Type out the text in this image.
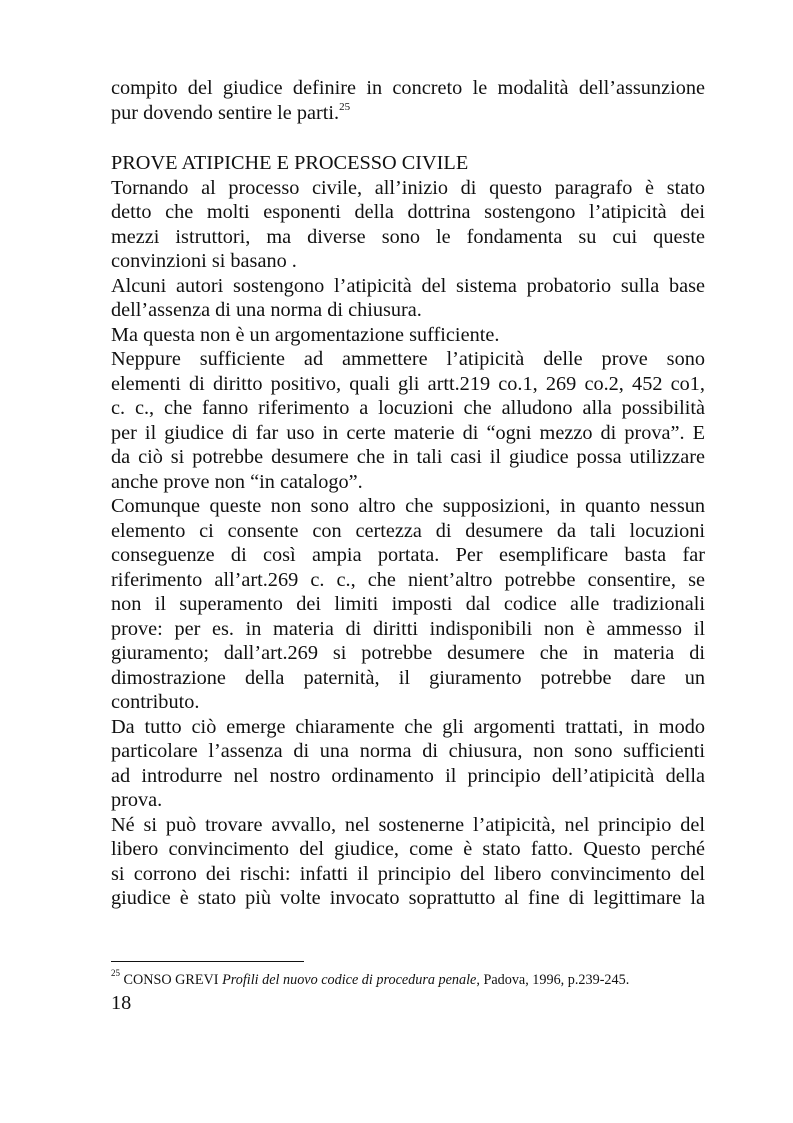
compito del giudice definire in concreto le modalità dell’assunzione
pur dovendo sentire le parti.$^{25}$
PROVE ATIPICHE E PROCESSO CIVILE
Tornando al processo civile, all’inizio di questo paragrafo è stato
detto che molti esponenti della dottrina sostengono l’atipicità dei
mezzi istruttori, ma diverse sono le fondamenta su cui queste
convinzioni si basano .
Alcuni autori sostengono l’atipicità del sistema probatorio sulla base
dell’assenza di una norma di chiusura.
Ma questa non è un argomentazione sufficiente.
Neppure sufficiente ad ammettere l’atipicità delle prove sono
elementi di diritto positivo, quali gli artt.219 co.1, 269 co.2, 452 co1,
c. c., che fanno riferimento a locuzioni che alludono alla possibilità
per il giudice di far uso in certe materie di “ogni mezzo di prova”. E
da ciò si potrebbe desumere che in tali casi il giudice possa utilizzare
anche prove non “in catalogo”.
Comunque queste non sono altro che supposizioni, in quanto nessun
elemento ci consente con certezza di desumere da tali locuzioni
conseguenze di così ampia portata. Per esemplificare basta far
riferimento all’art.269 c. c., che nient’altro potrebbe consentire, se
non il superamento dei limiti imposti dal codice alle tradizionali
prove: per es. in materia di diritti indisponibili non è ammesso il
giuramento; dall’art.269 si potrebbe desumere che in materia di
dimostrazione della paternità, il giuramento potrebbe dare un
contributo.
Da tutto ciò emerge chiaramente che gli argomenti trattati, in modo
particolare l’assenza di una norma di chiusura, non sono sufficienti
ad introdurre nel nostro ordinamento il principio dell’atipicità della
prova.
Né si può trovare avvallo, nel sostenerne l’atipicità, nel principio del
libero convincimento del giudice, come è stato fatto. Questo perché
si corrono dei rischi: infatti il principio del libero convincimento del
giudice è stato più volte invocato soprattutto al fine di legittimare la
$^{25}$ CONSO GREVI Profili del nuovo codice di procedura penale, Padova, 1996, p.239-245.
18
